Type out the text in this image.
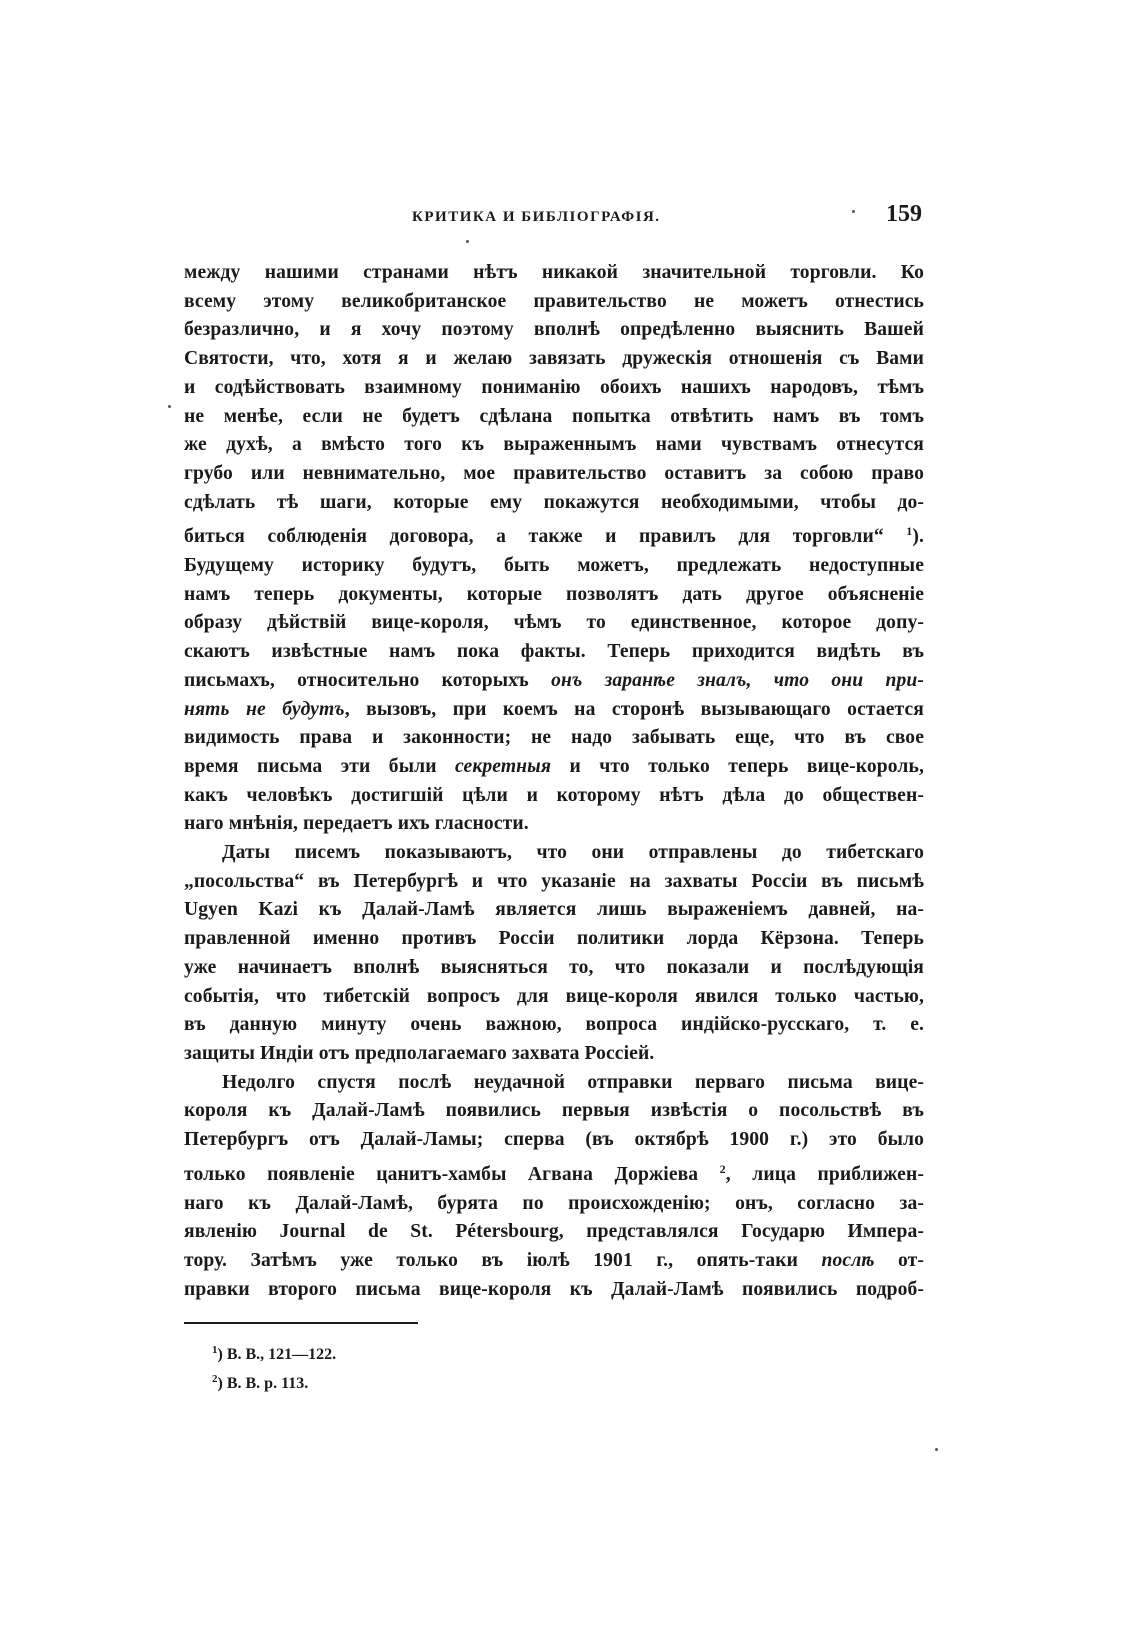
КРИТИКА И БИБЛІОГРАФІЯ.	159
между нашими странами нѣтъ никакой значительной торговли. Ко
всему этому великобританское правительство не можетъ отнестись
безразлично, и я хочу поэтому вполнѣ опредѣленно выяснить Вашей
Святости, что, хотя я и желаю завязать дружескія отношенія съ Вами
и содѣйствовать взаимному пониманію обоихъ нашихъ народовъ, тѣмъ
не менѣе, если не будетъ сдѣлана попытка отвѣтить намъ въ томъ
же духѣ, а вмѣсто того къ выраженнымъ нами чувствамъ отнесутся
грубо или невнимательно, мое правительство оставитъ за собою право
сдѣлать тѣ шаги, которые ему покажутся необходимыми, чтобы до-
биться соблюденія договора, а также и правилъ для торговли“ $^1$).
Будущему историку будутъ, быть можетъ, предлежать недоступные
намъ теперь документы, которые позволятъ дать другое объясненіе
образу дѣйствій вице-короля, чѣмъ то единственное, которое допу-
скаютъ извѣстные намъ пока факты. Теперь приходится видѣть въ
письмахъ, относительно которыхъ онъ заранѣе зналъ, что они при-
нять не будутъ, вызовъ, при коемъ на сторонѣ вызывающаго остается
видимость права и законности; не надо забывать еще, что въ свое
время письма эти были секретныя и что только теперь вице-король,
какъ человѣкъ достигшій цѣли и которому нѣтъ дѣла до обществен-
наго мнѣнія, передаетъ ихъ гласности.
Даты писемъ показываютъ, что они отправлены до тибетскаго
„посольства“ въ Петербургѣ и что указаніе на захваты Россіи въ письмѣ
Ugyen Kazi къ Далай-Ламѣ является лишь выраженіемъ давней, на-
правленной именно противъ Россіи политики лорда Кёрзона. Теперь
уже начинаетъ вполнѣ выясняться то, что показали и послѣдующія
событія, что тибетскій вопросъ для вице-короля явился только частью,
въ данную минуту очень важною, вопроса индійско-русскаго, т. е.
защиты Индіи отъ предполагаемаго захвата Россіей.
Недолго спустя послѣ неудачной отправки перваго письма вице-
короля къ Далай-Ламѣ появились первыя извѣстія о посольствѣ въ
Петербургъ отъ Далай-Ламы; сперва (въ октябрѣ 1900 г.) это было
только появленіе цанитъ-хамбы Агвана Доржіева $^2$, лица приближен-
наго къ Далай-Ламѣ, бурята по происхожденію; онъ, согласно за-
явленію Journal de St. Pétersbourg, представлялся Государю Импера-
тору. Затѣмъ уже только въ іюлѣ 1901 г., опять-таки послѣ от-
правки второго письма вице-короля къ Далай-Ламѣ появились подроб-
$^1$) В. В., 121—122.
$^2$) В. В. р. 113.
